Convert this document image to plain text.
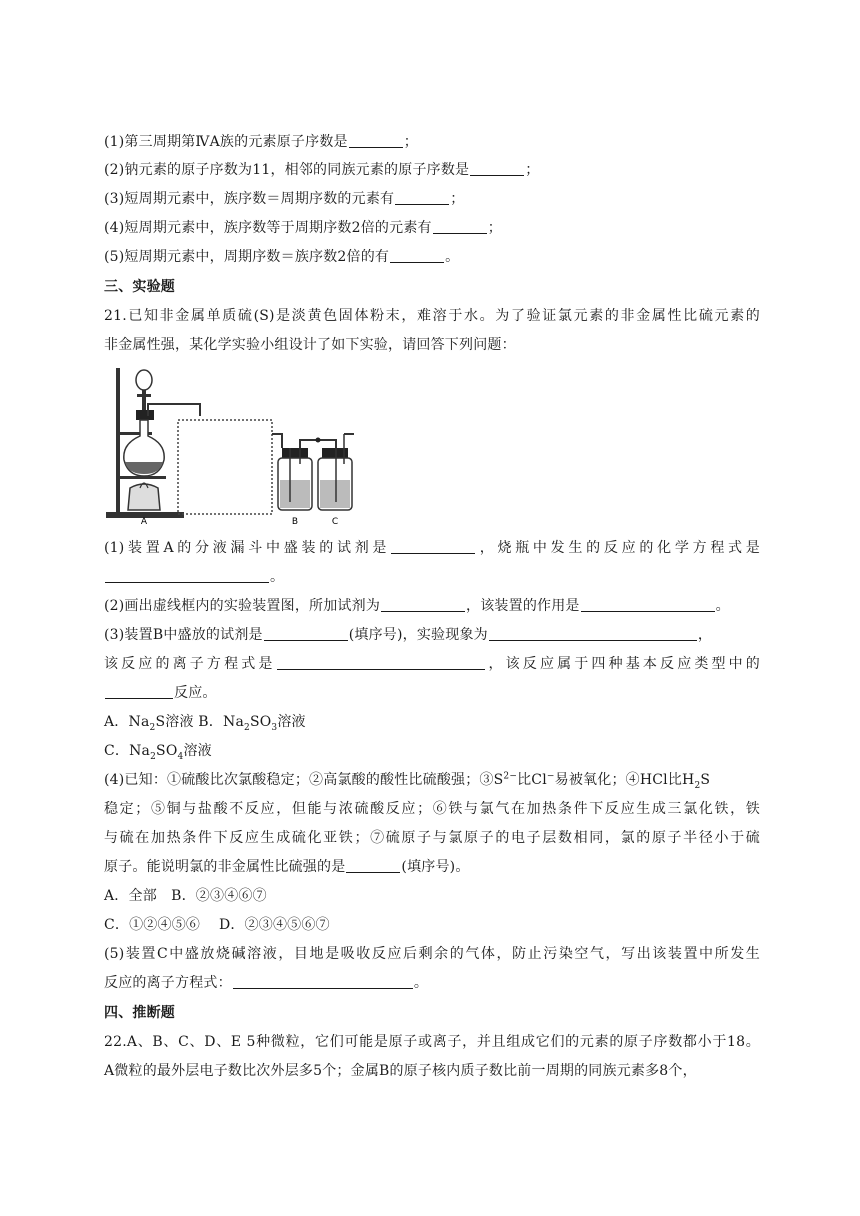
(1)第三周期第ⅣA族的元素原子序数是	；
(2)钠元素的原子序数为11，相邻的同族元素的原子序数是	；
(3)短周期元素中，族序数＝周期序数的元素有	；
(4)短周期元素中，族序数等于周期序数2倍的元素有	；
(5)短周期元素中，周期序数＝族序数2倍的有	。
三、实验题
21.已知非金属单质硫(S)是淡黄色固体粉末，难溶于水。为了验证氯元素的非金属性比硫元素的
非金属性强，某化学实验小组设计了如下实验，请回答下列问题：
A	B	C
(1)装置A的分液漏斗中盛装的试剂是	，烧瓶中发生的反应的化学方程式是
。
(2)画出虚线框内的实验装置图，所加试剂为	，该装置的作用是	。
(3)装置B中盛放的试剂是	(填序号)，实验现象为	，
该反应的离子方程式是	，该反应属于四种基本反应类型中的
反应。
A．$Na_2S$溶液 B．$Na_2SO_3$溶液
C．$Na_2SO_4$溶液
(4)已知：①硫酸比次氯酸稳定；②高氯酸的酸性比硫酸强；$③S^{2-}$比Cl−易被氧化；④HCl比$H_2S$
稳定；⑤铜与盐酸不反应，但能与浓硫酸反应；⑥铁与氯气在加热条件下反应生成三氯化铁，铁
与硫在加热条件下反应生成硫化亚铁；⑦硫原子与氯原子的电子层数相同，氯的原子半径小于硫
原子。能说明氯的非金属性比硫强的是	(填序号)。
A．全部　B．②③④⑥⑦
C．①②④⑤⑥　 D．②③④⑤⑥⑦
(5)装置C中盛放烧碱溶液，目地是吸收反应后剩余的气体，防止污染空气，写出该装置中所发生
反应的离子方程式：	。
四、推断题
22.A、B、C、D、E 5种微粒，它们可能是原子或离子，并且组成它们的元素的原子序数都小于18。
A微粒的最外层电子数比次外层多5个；金属B的原子核内质子数比前一周期的同族元素多8个，
